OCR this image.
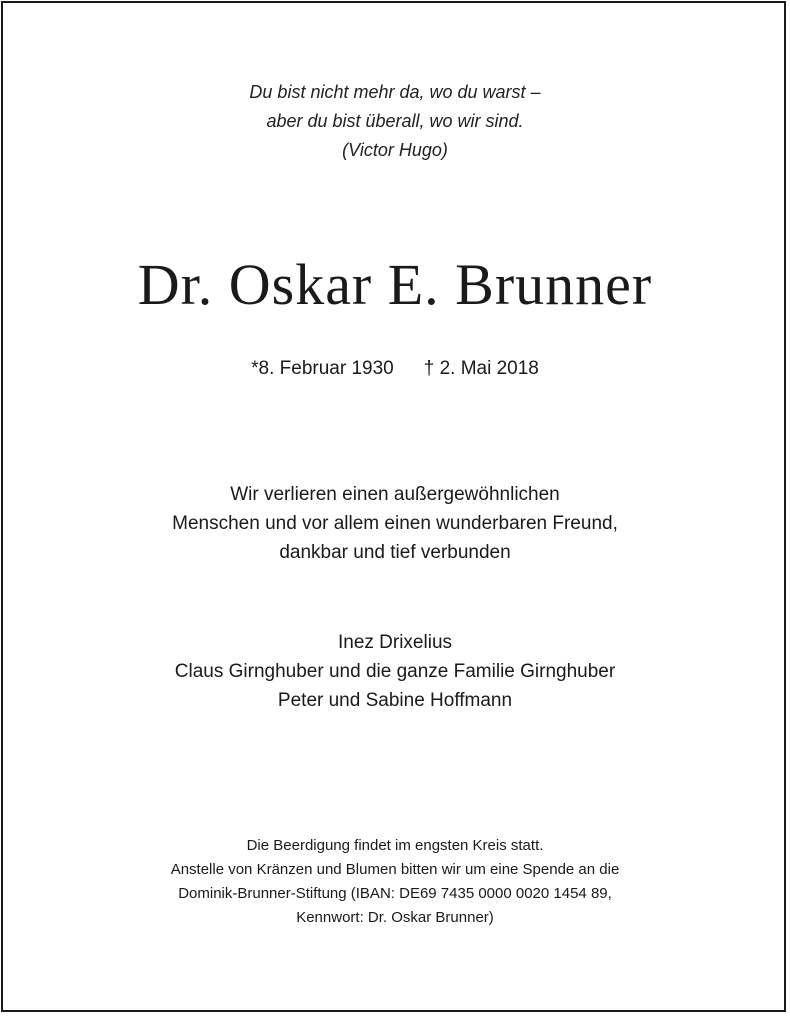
Du bist nicht mehr da, wo du warst –
aber du bist überall, wo wir sind.
(Victor Hugo)
Dr. Oskar E. Brunner
*8. Februar 1930 † 2. Mai 2018
Wir verlieren einen außergewöhnlichen
Menschen und vor allem einen wunderbaren Freund,
dankbar und tief verbunden
Inez Drixelius
Claus Girnghuber und die ganze Familie Girnghuber
Peter und Sabine Hoffmann
Die Beerdigung findet im engsten Kreis statt.
Anstelle von Kränzen und Blumen bitten wir um eine Spende an die
Dominik-Brunner-Stiftung (IBAN: DE69 7435 0000 0020 1454 89,
Kennwort: Dr. Oskar Brunner)
